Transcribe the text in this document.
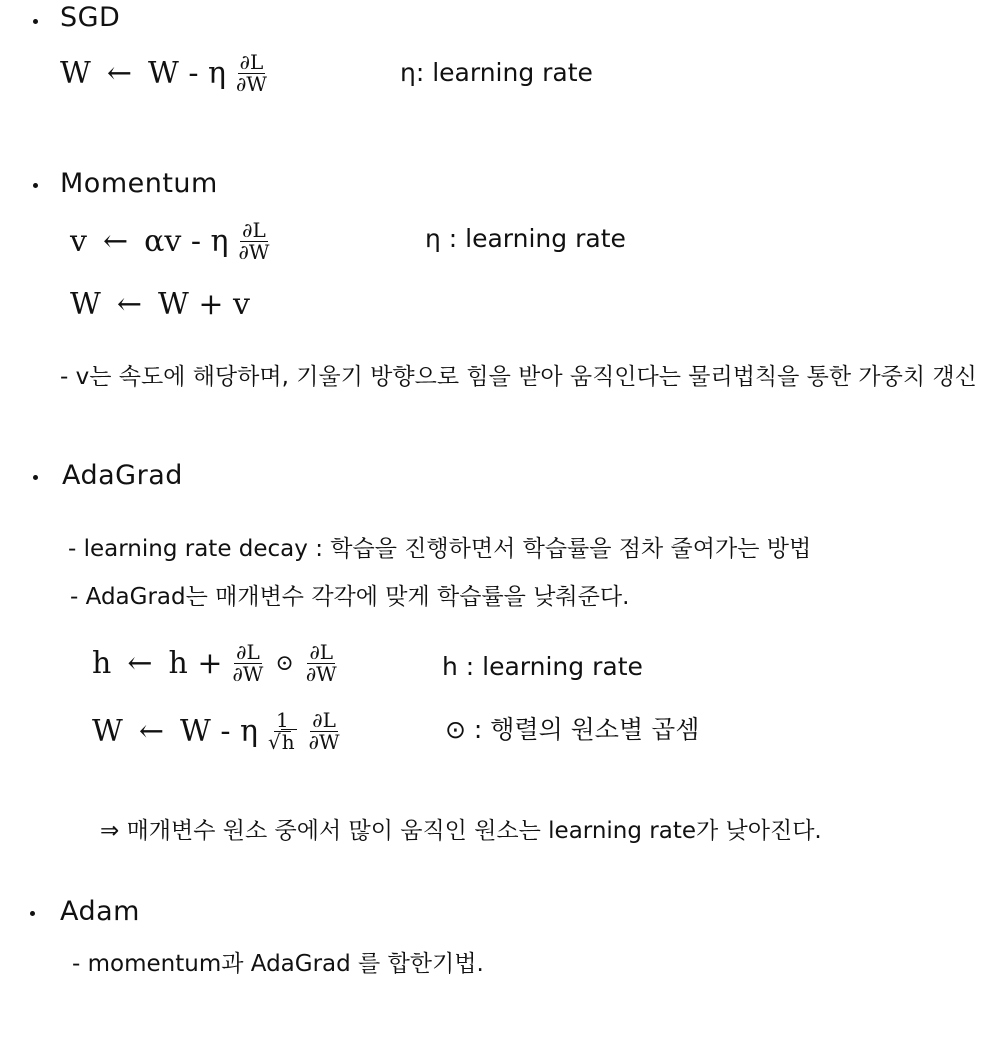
SGD
W ← W - η $\frac{\partial L}{\partial W}$	η: learning rate
Momentum
v ← αv - η $\frac{\partial L}{\partial W}$	η : learning rate
W ← W + v
- v는 속도에 해당하며, 기울기 방향으로 힘을 받아 움직인다는 물리법칙을 통한 가중치 갱신
AdaGrad
- learning rate decay : 학습을 진행하면서 학습률을 점차 줄여가는 방법
- AdaGrad는 매개변수 각각에 맞게 학습률을 낮춰준다.
h ← $h + \frac{\partial L}{\partial W}$ ⊙ $\frac{\partial L}{\partial W}$	h : learning rate
W ← W - η $\frac{1}{√h} \frac{\partial L}{\partial W}$	⊙ : 행렬의 원소별 곱셈
⇒ 매개변수 원소 중에서 많이 움직인 원소는 learning rate가 낮아진다.
Adam
- momentum과 AdaGrad 를 합한기법.
